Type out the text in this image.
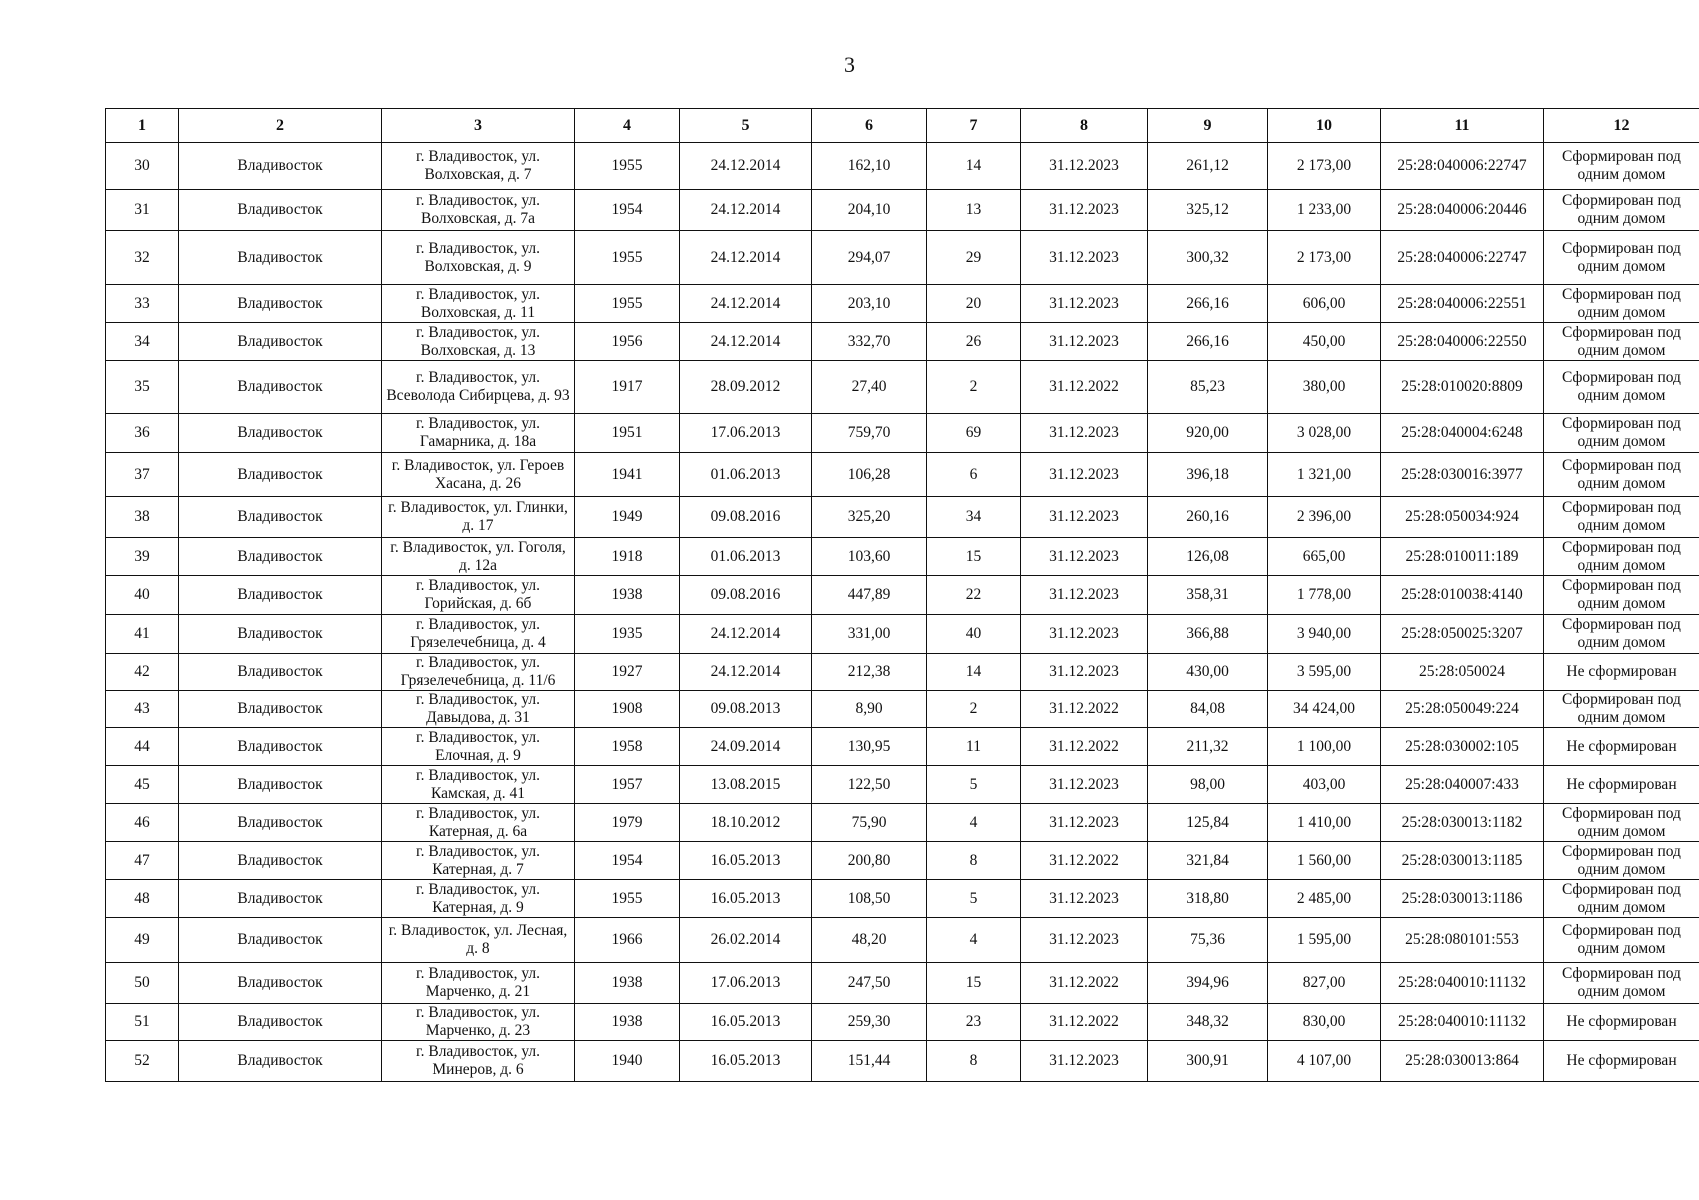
3
1	2	3	4	5	6	7	8	9	10	11	12
30	Владивосток	г. Владивосток, ул. Волховская, д. 7	1955	24.12.2014	162,10	14	31.12.2023	261,12	2 173,00	25:28:040006:22747	Сформирован под одним домом
31	Владивосток	г. Владивосток, ул. Волховская, д. 7а	1954	24.12.2014	204,10	13	31.12.2023	325,12	1 233,00	25:28:040006:20446	Сформирован под одним домом
32	Владивосток	г. Владивосток, ул. Волховская, д. 9	1955	24.12.2014	294,07	29	31.12.2023	300,32	2 173,00	25:28:040006:22747	Сформирован под одним домом
33	Владивосток	г. Владивосток, ул. Волховская, д. 11	1955	24.12.2014	203,10	20	31.12.2023	266,16	606,00	25:28:040006:22551	Сформирован под одним домом
34	Владивосток	г. Владивосток, ул. Волховская, д. 13	1956	24.12.2014	332,70	26	31.12.2023	266,16	450,00	25:28:040006:22550	Сформирован под одним домом
35	Владивосток	г. Владивосток, ул. Всеволода Сибирцева, д. 93	1917	28.09.2012	27,40	2	31.12.2022	85,23	380,00	25:28:010020:8809	Сформирован под одним домом
36	Владивосток	г. Владивосток, ул. Гамарника, д. 18а	1951	17.06.2013	759,70	69	31.12.2023	920,00	3 028,00	25:28:040004:6248	Сформирован под одним домом
37	Владивосток	г. Владивосток, ул. Героев Хасана, д. 26	1941	01.06.2013	106,28	6	31.12.2023	396,18	1 321,00	25:28:030016:3977	Сформирован под одним домом
38	Владивосток	г. Владивосток, ул. Глинки, д. 17	1949	09.08.2016	325,20	34	31.12.2023	260,16	2 396,00	25:28:050034:924	Сформирован под одним домом
39	Владивосток	г. Владивосток, ул. Гоголя, д. 12а	1918	01.06.2013	103,60	15	31.12.2023	126,08	665,00	25:28:010011:189	Сформирован под одним домом
40	Владивосток	г. Владивосток, ул. Горийская, д. 6б	1938	09.08.2016	447,89	22	31.12.2023	358,31	1 778,00	25:28:010038:4140	Сформирован под одним домом
41	Владивосток	г. Владивосток, ул. Грязелечебница, д. 4	1935	24.12.2014	331,00	40	31.12.2023	366,88	3 940,00	25:28:050025:3207	Сформирован под одним домом
42	Владивосток	г. Владивосток, ул. Грязелечебница, д. 11/6	1927	24.12.2014	212,38	14	31.12.2023	430,00	3 595,00	25:28:050024	Не сформирован
43	Владивосток	г. Владивосток, ул. Давыдова, д. 31	1908	09.08.2013	8,90	2	31.12.2022	84,08	34 424,00	25:28:050049:224	Сформирован под одним домом
44	Владивосток	г. Владивосток, ул. Елочная, д. 9	1958	24.09.2014	130,95	11	31.12.2022	211,32	1 100,00	25:28:030002:105	Не сформирован
45	Владивосток	г. Владивосток, ул. Камская, д. 41	1957	13.08.2015	122,50	5	31.12.2023	98,00	403,00	25:28:040007:433	Не сформирован
46	Владивосток	г. Владивосток, ул. Катерная, д. 6а	1979	18.10.2012	75,90	4	31.12.2023	125,84	1 410,00	25:28:030013:1182	Сформирован под одним домом
47	Владивосток	г. Владивосток, ул. Катерная, д. 7	1954	16.05.2013	200,80	8	31.12.2022	321,84	1 560,00	25:28:030013:1185	Сформирован под одним домом
48	Владивосток	г. Владивосток, ул. Катерная, д. 9	1955	16.05.2013	108,50	5	31.12.2023	318,80	2 485,00	25:28:030013:1186	Сформирован под одним домом
49	Владивосток	г. Владивосток, ул. Лесная, д. 8	1966	26.02.2014	48,20	4	31.12.2023	75,36	1 595,00	25:28:080101:553	Сформирован под одним домом
50	Владивосток	г. Владивосток, ул. Марченко, д. 21	1938	17.06.2013	247,50	15	31.12.2022	394,96	827,00	25:28:040010:11132	Сформирован под одним домом
51	Владивосток	г. Владивосток, ул. Марченко, д. 23	1938	16.05.2013	259,30	23	31.12.2022	348,32	830,00	25:28:040010:11132	Не сформирован
52	Владивосток	г. Владивосток, ул. Минеров, д. 6	1940	16.05.2013	151,44	8	31.12.2023	300,91	4 107,00	25:28:030013:864	Не сформирован
